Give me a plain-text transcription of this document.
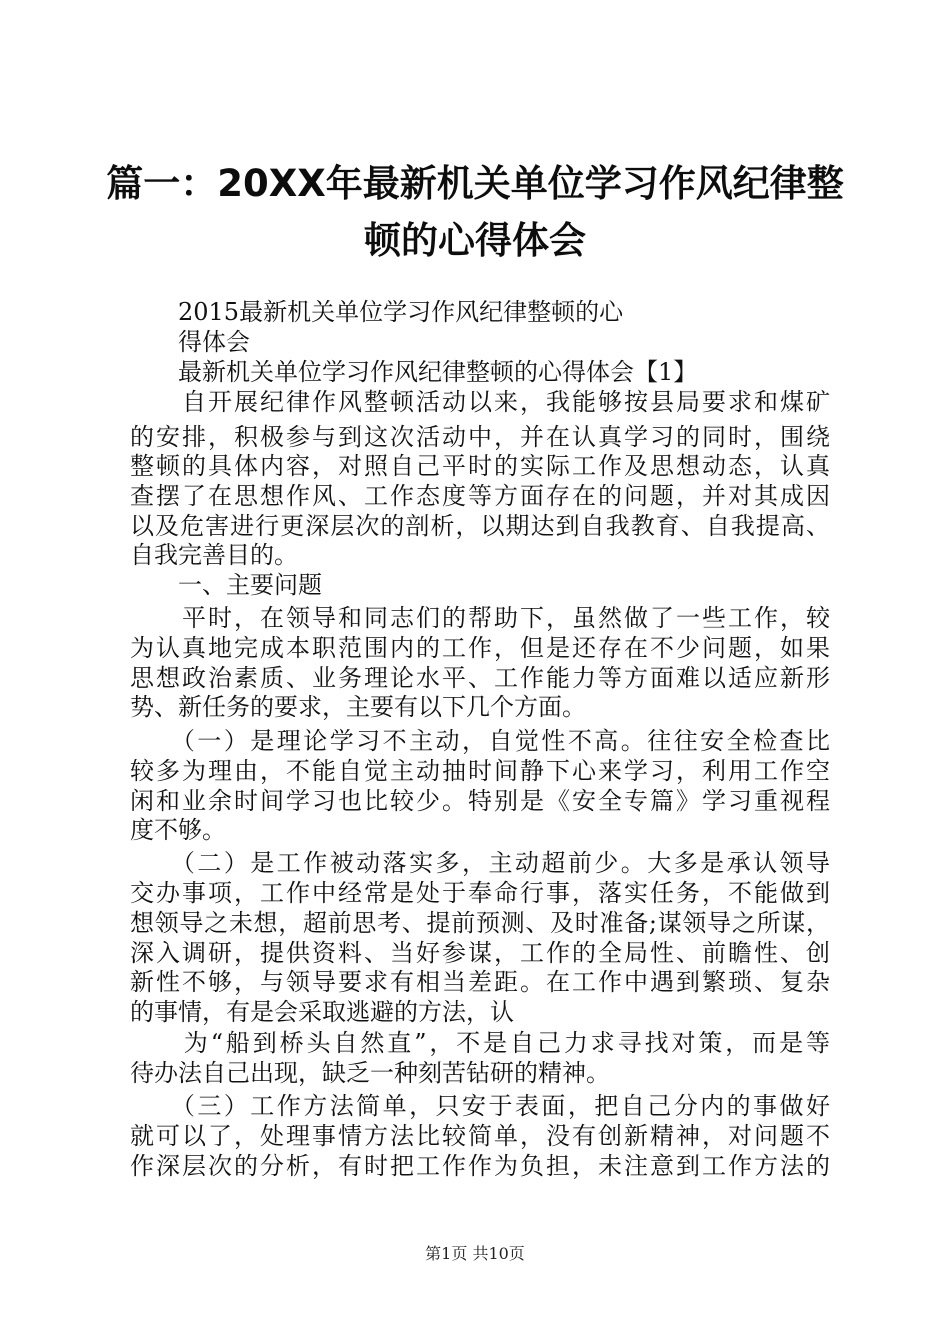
篇一：20XX年最新机关单位学习作风纪律整
顿的心得体会
　　2015最新机关单位学习作风纪律整顿的心
　　得体会
　　最新机关单位学习作风纪律整顿的心得体会【1】
　　自开展纪律作风整顿活动以来，我能够按县局要求和煤矿
的安排，积极参与到这次活动中，并在认真学习的同时，围绕
整顿的具体内容，对照自己平时的实际工作及思想动态，认真
查摆了在思想作风、工作态度等方面存在的问题，并对其成因
以及危害进行更深层次的剖析，以期达到自我教育、自我提高、
自我完善目的。
　　一、主要问题
　　平时，在领导和同志们的帮助下，虽然做了一些工作，较
为认真地完成本职范围内的工作，但是还存在不少问题，如果
思想政治素质、业务理论水平、工作能力等方面难以适应新形
势、新任务的要求，主要有以下几个方面。
　　（一）是理论学习不主动，自觉性不高。往往安全检查比
较多为理由，不能自觉主动抽时间静下心来学习，利用工作空
闲和业余时间学习也比较少。特别是《安全专篇》学习重视程
度不够。
　　（二）是工作被动落实多，主动超前少。大多是承认领导
交办事项，工作中经常是处于奉命行事，落实任务，不能做到
想领导之未想，超前思考、提前预测、及时准备;谋领导之所谋，
深入调研，提供资料、当好参谋，工作的全局性、前瞻性、创
新性不够，与领导要求有相当差距。在工作中遇到繁琐、复杂
的事情，有是会采取逃避的方法，认
　　为“船到桥头自然直”，不是自己力求寻找对策，而是等
待办法自己出现，缺乏一种刻苦钻研的精神。
　　（三）工作方法简单，只安于表面，把自己分内的事做好
就可以了，处理事情方法比较简单，没有创新精神，对问题不
作深层次的分析，有时把工作作为负担，未注意到工作方法的
第1页 共10页
